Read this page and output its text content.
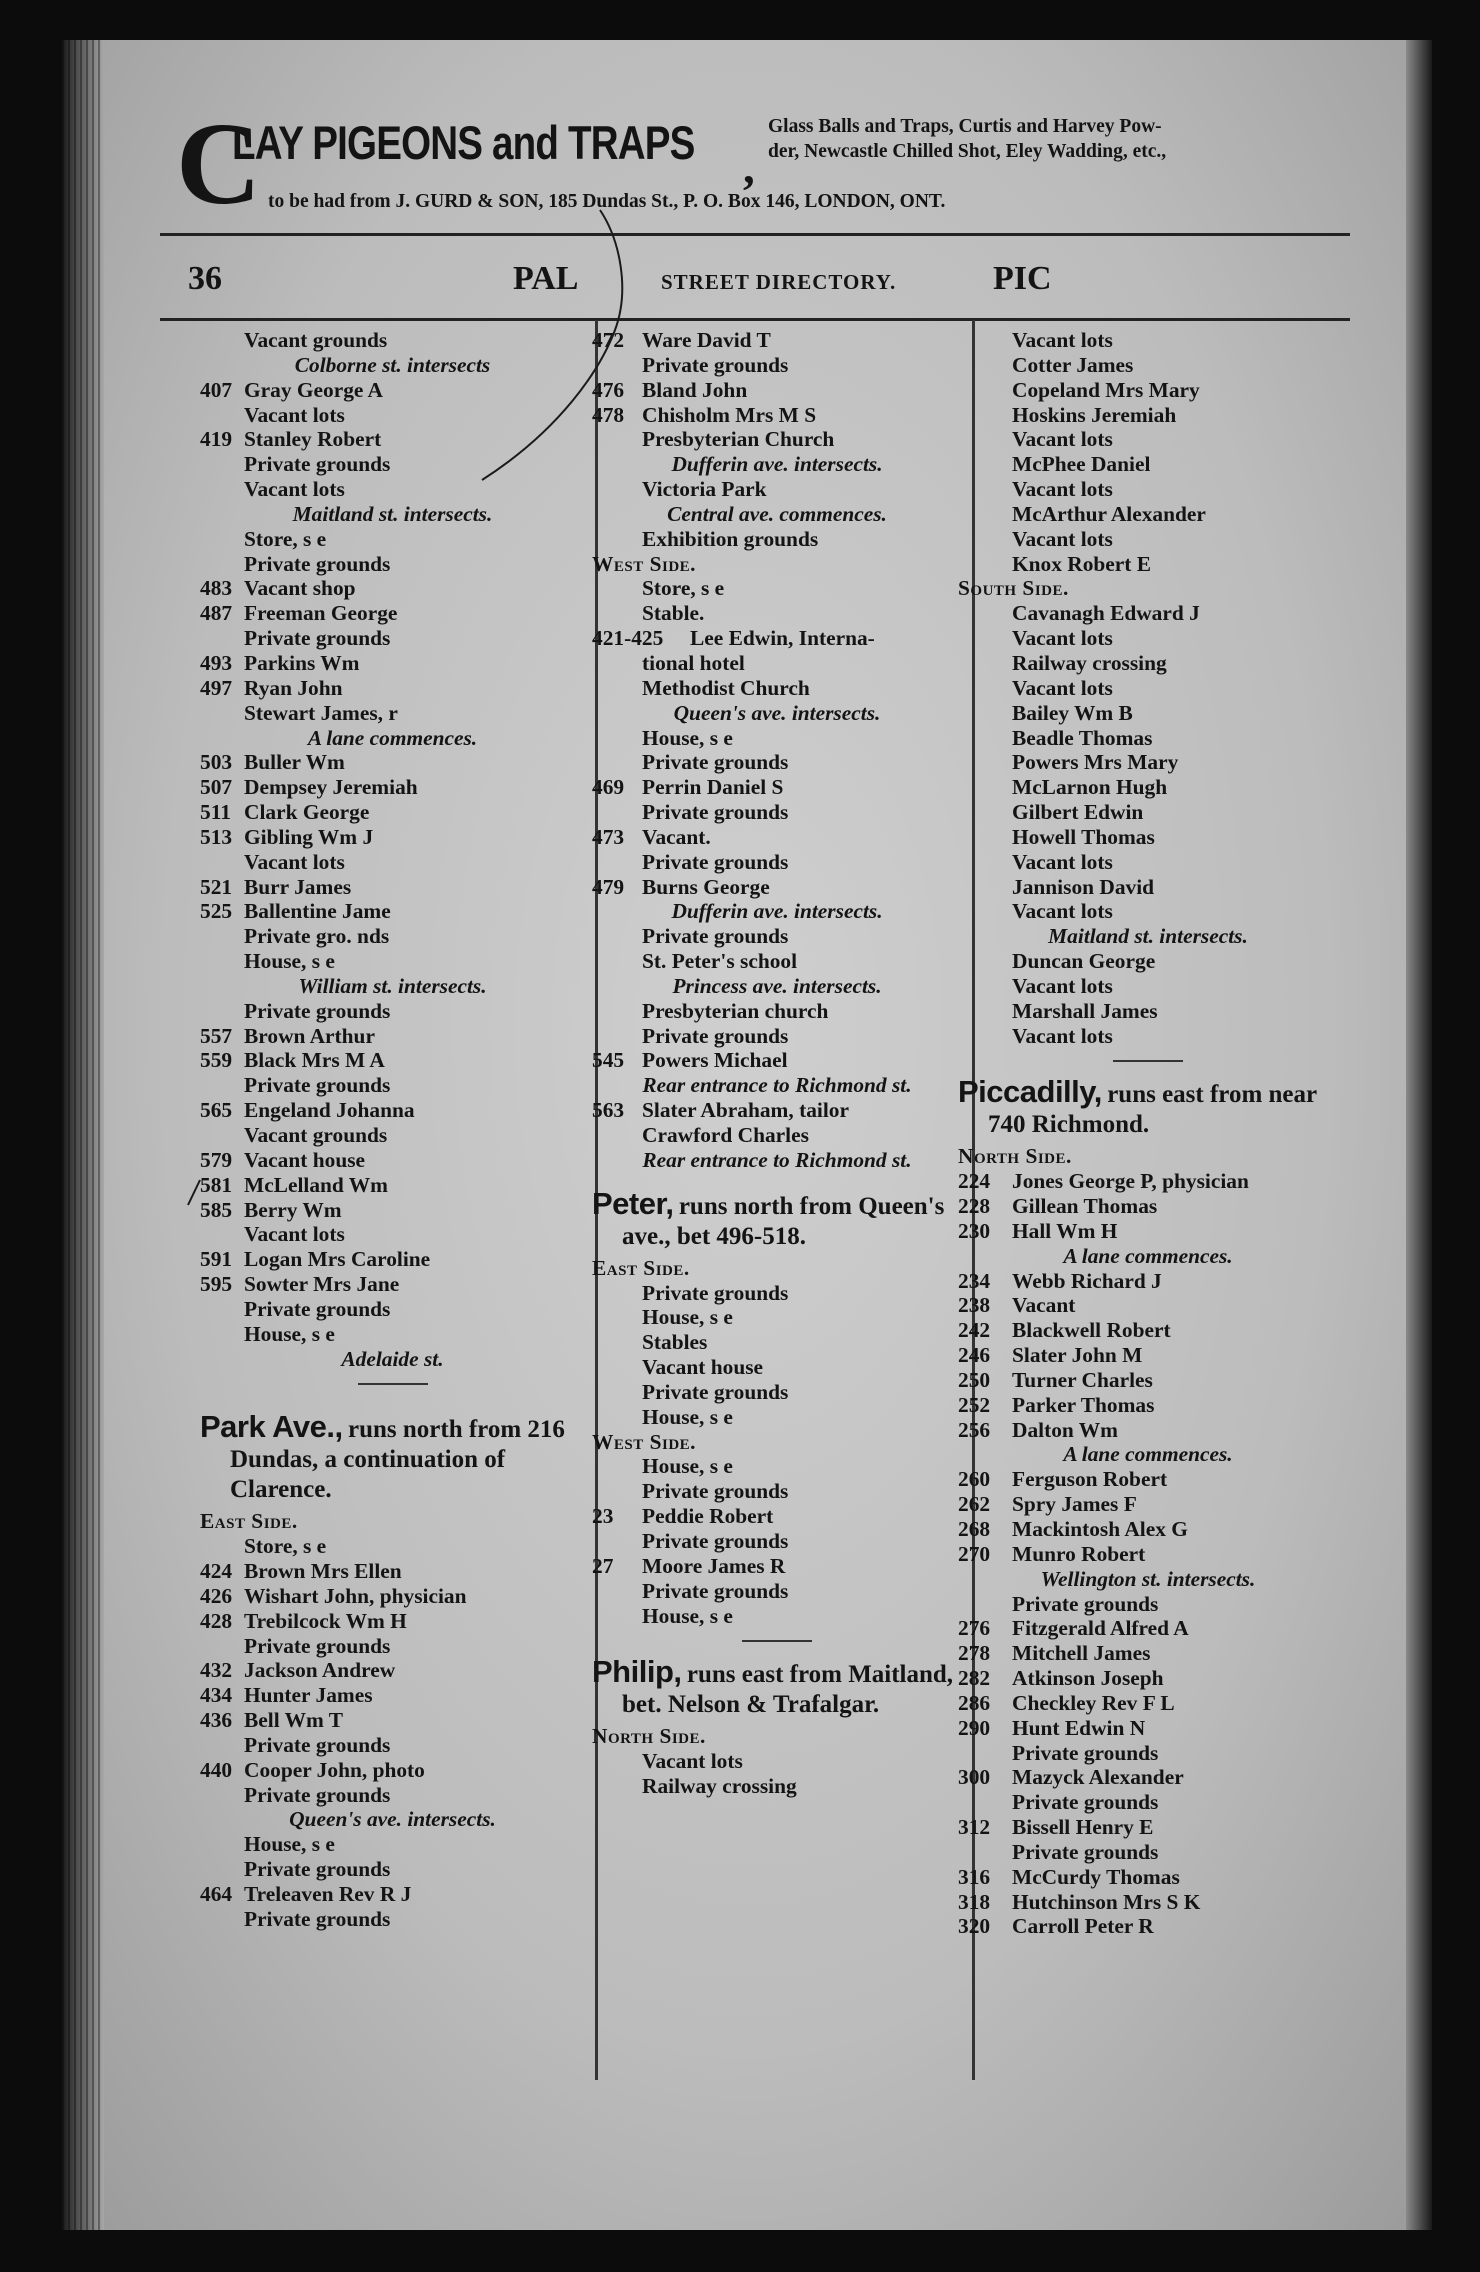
C
LAY PIGEONS and TRAPS ,
Glass Balls and Traps, Curtis and Harvey Pow-
der, Newcastle Chilled Shot, Eley Wadding, etc.,
to be had from J. GURD & SON, 185 Dundas St., P. O. Box 146, LONDON, ONT.
36	PAL	STREET DIRECTORY.	PIC
Vacant grounds
Colborne st. intersects
407 Gray George A
Vacant lots
419 Stanley Robert
Private grounds
Vacant lots
Maitland st. intersects.
Store, s e
Private grounds
483 Vacant shop
487 Freeman George
Private grounds
493 Parkins Wm
497 Ryan John
Stewart James, r
A lane commences.
503 Buller Wm
507 Dempsey Jeremiah
511 Clark George
513 Gibling Wm J
Vacant lots
521 Burr James
525 Ballentine Jame
Private gro. nds
House, s e
William st. intersects.
Private grounds
557 Brown Arthur
559 Black Mrs M A
Private grounds
565 Engeland Johanna
Vacant grounds
579 Vacant house
581 McLelland Wm
585 Berry Wm
Vacant lots
591 Logan Mrs Caroline
595 Sowter Mrs Jane
Private grounds
House, s e
Adelaide st.
Park Ave., runs north from 216 Dundas, a continuation of Clarence.
East Side.
Store, s e
424 Brown Mrs Ellen
426 Wishart John, physician
428 Trebilcock Wm H
Private grounds
432 Jackson Andrew
434 Hunter James
436 Bell Wm T
Private grounds
440 Cooper John, photo
Private grounds
Queen's ave. intersects.
House, s e
Private grounds
464 Treleaven Rev R J
Private grounds
472 Ware David T
Private grounds
476 Bland John
478 Chisholm Mrs M S
Presbyterian Church
Dufferin ave. intersects.
Victoria Park
Central ave. commences.
Exhibition grounds
West Side.
Store, s e
Stable.
421-425 Lee Edwin, Interna-
tional hotel
Methodist Church
Queen's ave. intersects.
House, s e
Private grounds
469 Perrin Daniel S
Private grounds
473 Vacant.
Private grounds
479 Burns George
Dufferin ave. intersects.
Private grounds
St. Peter's school
Princess ave. intersects.
Presbyterian church
Private grounds
545 Powers Michael
Rear entrance to Richmond st.
563 Slater Abraham, tailor
Crawford Charles
Rear entrance to Richmond st.
Peter, runs north from Queen's ave., bet 496-518.
East Side.
Private grounds
House, s e
Stables
Vacant house
Private grounds
House, s e
West Side.
House, s e
Private grounds
23 Peddie Robert
Private grounds
27 Moore James R
Private grounds
House, s e
Philip, runs east from Maitland, bet. Nelson & Trafalgar.
North Side.
Vacant lots
Railway crossing
Vacant lots
Cotter James
Copeland Mrs Mary
Hoskins Jeremiah
Vacant lots
McPhee Daniel
Vacant lots
McArthur Alexander
Vacant lots
Knox Robert E
South Side.
Cavanagh Edward J
Vacant lots
Railway crossing
Vacant lots
Bailey Wm B
Beadle Thomas
Powers Mrs Mary
McLarnon Hugh
Gilbert Edwin
Howell Thomas
Vacant lots
Jannison David
Vacant lots
Maitland st. intersects.
Duncan George
Vacant lots
Marshall James
Vacant lots
Piccadilly, runs east from near 740 Richmond.
North Side.
224 Jones George P, physician
228 Gillean Thomas
230 Hall Wm H
A lane commences.
234 Webb Richard J
238 Vacant
242 Blackwell Robert
246 Slater John M
250 Turner Charles
252 Parker Thomas
256 Dalton Wm
A lane commences.
260 Ferguson Robert
262 Spry James F
268 Mackintosh Alex G
270 Munro Robert
Wellington st. intersects.
Private grounds
276 Fitzgerald Alfred A
278 Mitchell James
282 Atkinson Joseph
286 Checkley Rev F L
290 Hunt Edwin N
Private grounds
300 Mazyck Alexander
Private grounds
312 Bissell Henry E
Private grounds
316 McCurdy Thomas
318 Hutchinson Mrs S K
320 Carroll Peter R
